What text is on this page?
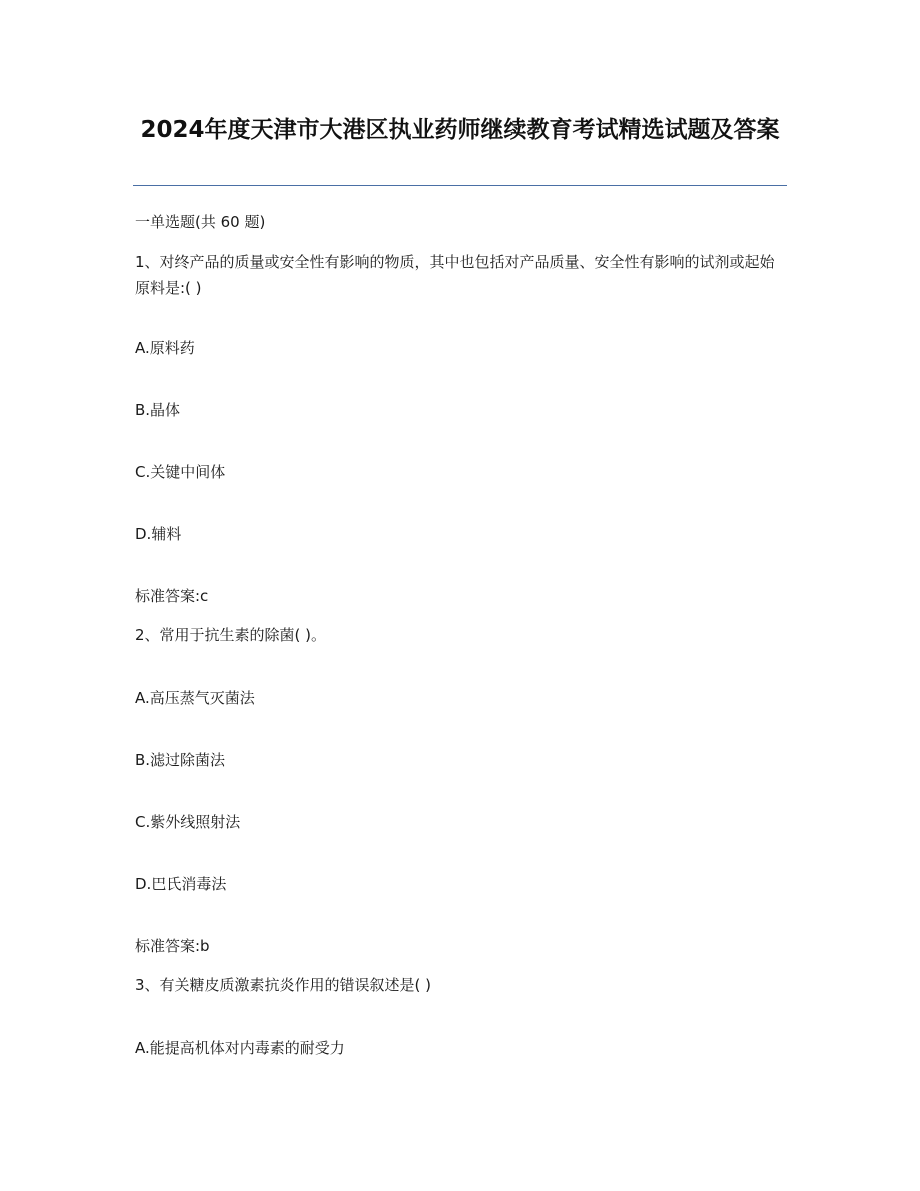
2024年度天津市大港区执业药师继续教育考试精选试题及答案
一单选题(共 60 题)
1、对终产品的质量或安全性有影响的物质，其中也包括对产品质量、安全性有影响的试剂或起始原料是:( )
A.原料药
B.晶体
C.关键中间体
D.辅料
标准答案:c
2、常用于抗生素的除菌( )。
A.高压蒸气灭菌法
B.滤过除菌法
C.紫外线照射法
D.巴氏消毒法
标准答案:b
3、有关糖皮质激素抗炎作用的错误叙述是( )
A.能提高机体对内毒素的耐受力
